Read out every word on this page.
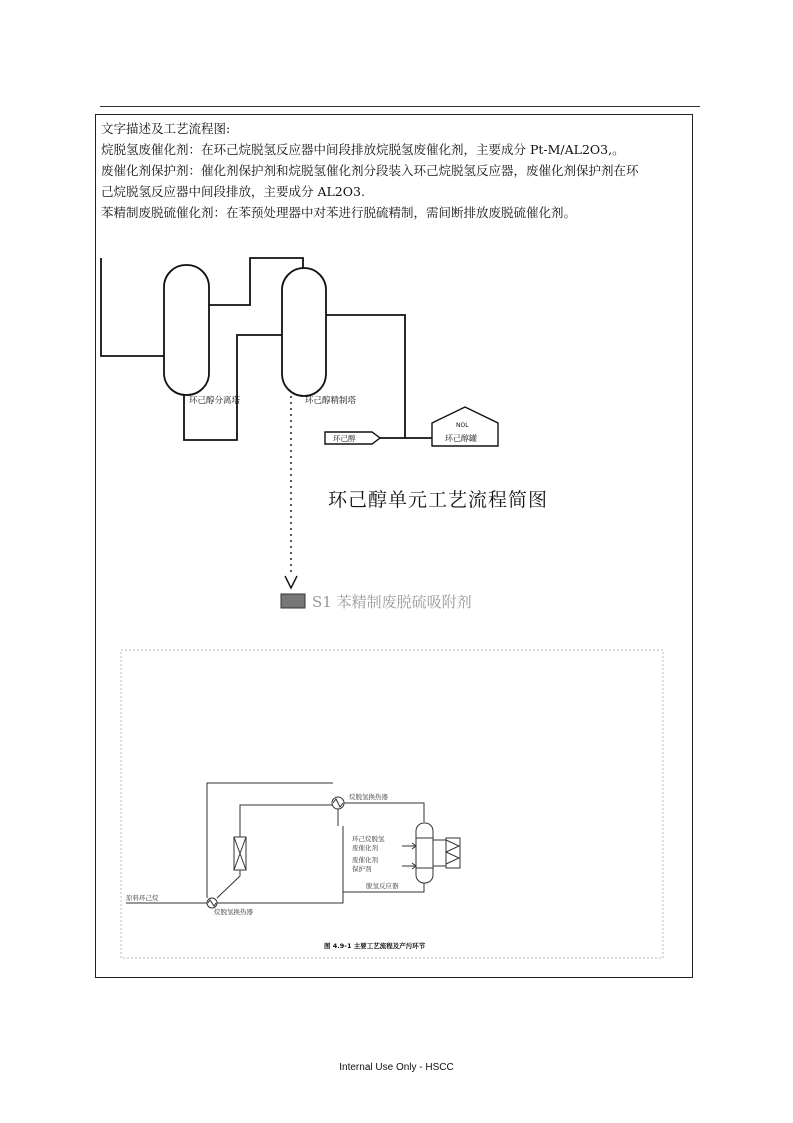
文字描述及工艺流程图:

烷脱氢废催化剂：在环己烷脱氢反应器中间段排放烷脱氢废催化剂，主要成分 Pt-M/AL2O3,。

废催化剂保护剂：催化剂保护剂和烷脱氢催化剂分段装入环己烷脱氢反应器，废催化剂保护剂在环

己烷脱氢反应器中间段排放，主要成分 AL2O3.

苯精制废脱硫催化剂：在苯预处理器中对苯进行脱硫精制，需间断排放废脱硫催化剂。

环己醇分离塔	环己醇精制塔
环己醇
NOL
环己醇罐
环己醇单元工艺流程简图
S1 苯精制废脱硫吸附剂
烷脱氢换热器
环己烷脱氢
废催化剂
废催化剂
保护剂
脱氢反应器
原料环己烷
烷脱氢换热器
图 4.9-1 主要工艺流程及产污环节
Internal Use Only - HSCC
